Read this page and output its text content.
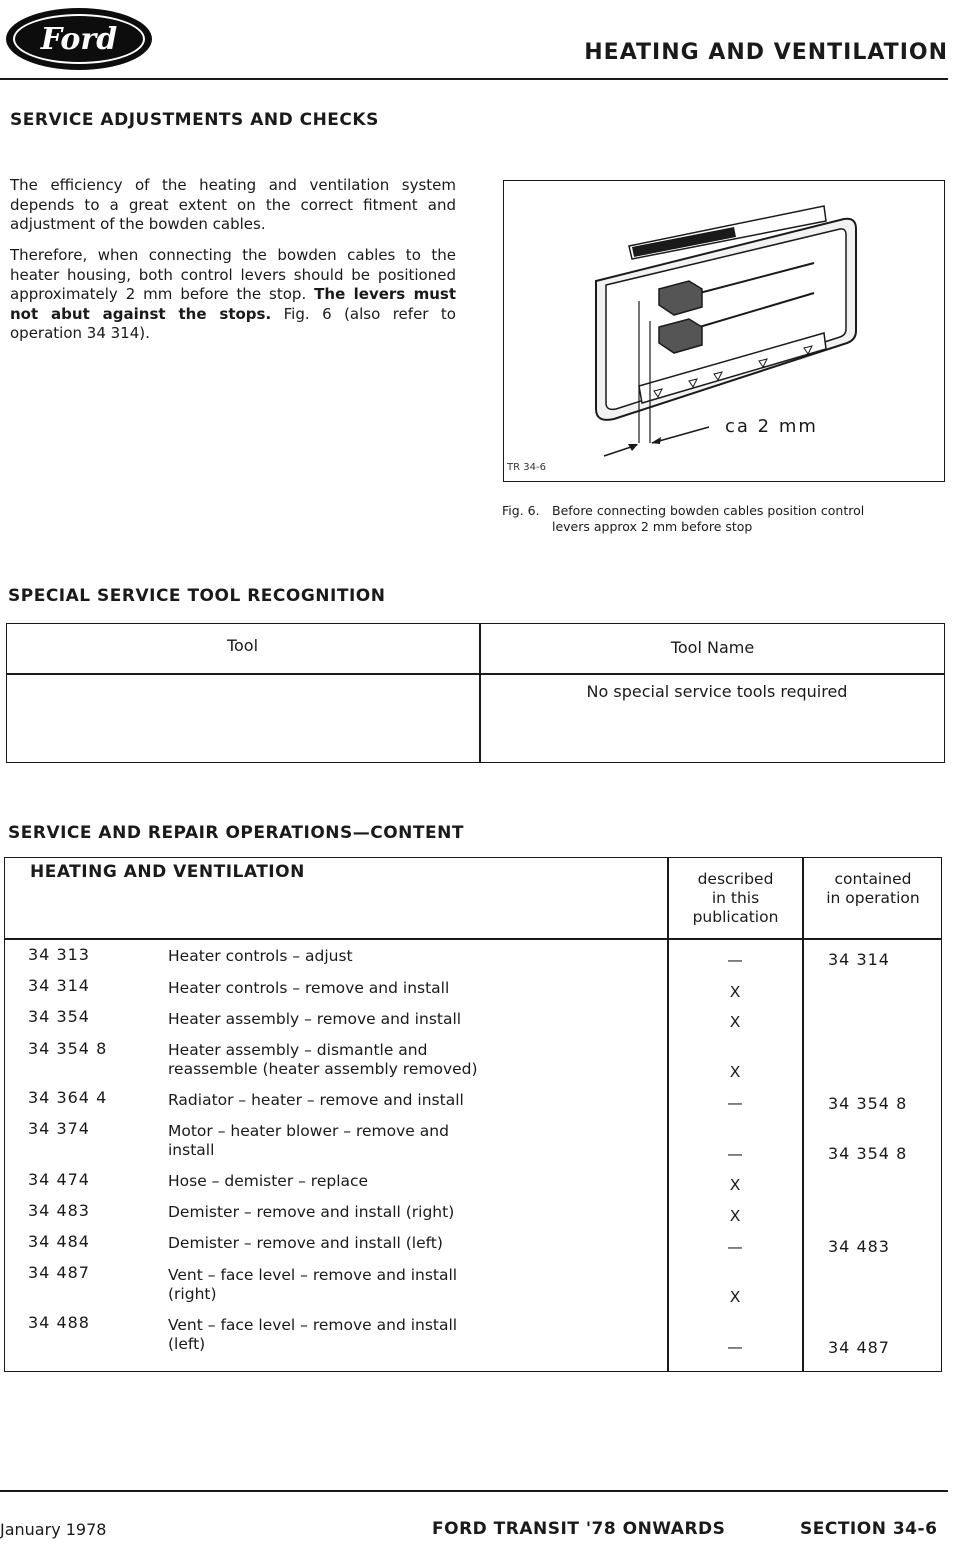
Ford	HEATING AND VENTILATION
SERVICE ADJUSTMENTS AND CHECKS
The efficiency of the heating and ventilation system depends to a great extent on the correct fitment and adjustment of the bowden cables.
Therefore, when connecting the bowden cables to the heater housing, both control levers should be positioned approximately 2 mm before the stop. The levers must not abut against the stops. Fig. 6 (also refer to operation 34 314).
ca 2 mm
TR 34-6
Fig. 6. Before connecting bowden cables position control
levers approx 2 mm before stop
SPECIAL SERVICE TOOL RECOGNITION
Tool	Tool Name
No special service tools required
SERVICE AND REPAIR OPERATIONS—CONTENT
HEATING AND VENTILATION	described
in this
publication
contained
in operation
34 313	Heater controls – adjust	—	34 314
34 314	Heater controls – remove and install	X
34 354	Heater assembly – remove and install	X
34 354 8	Heater assembly – dismantle and
reassemble (heater assembly removed)	X
34 364 4	Radiator – heater – remove and install	—	34 354 8
34 374	Motor – heater blower – remove and
install	—	34 354 8
34 474	Hose – demister – replace	X
34 483	Demister – remove and install (right)	X
34 484	Demister – remove and install (left)	—	34 483
34 487	Vent – face level – remove and install
(right)	X
34 488	Vent – face level – remove and install
(left)	—	34 487
January 1978	FORD TRANSIT '78 ONWARDS	SECTION 34-6
